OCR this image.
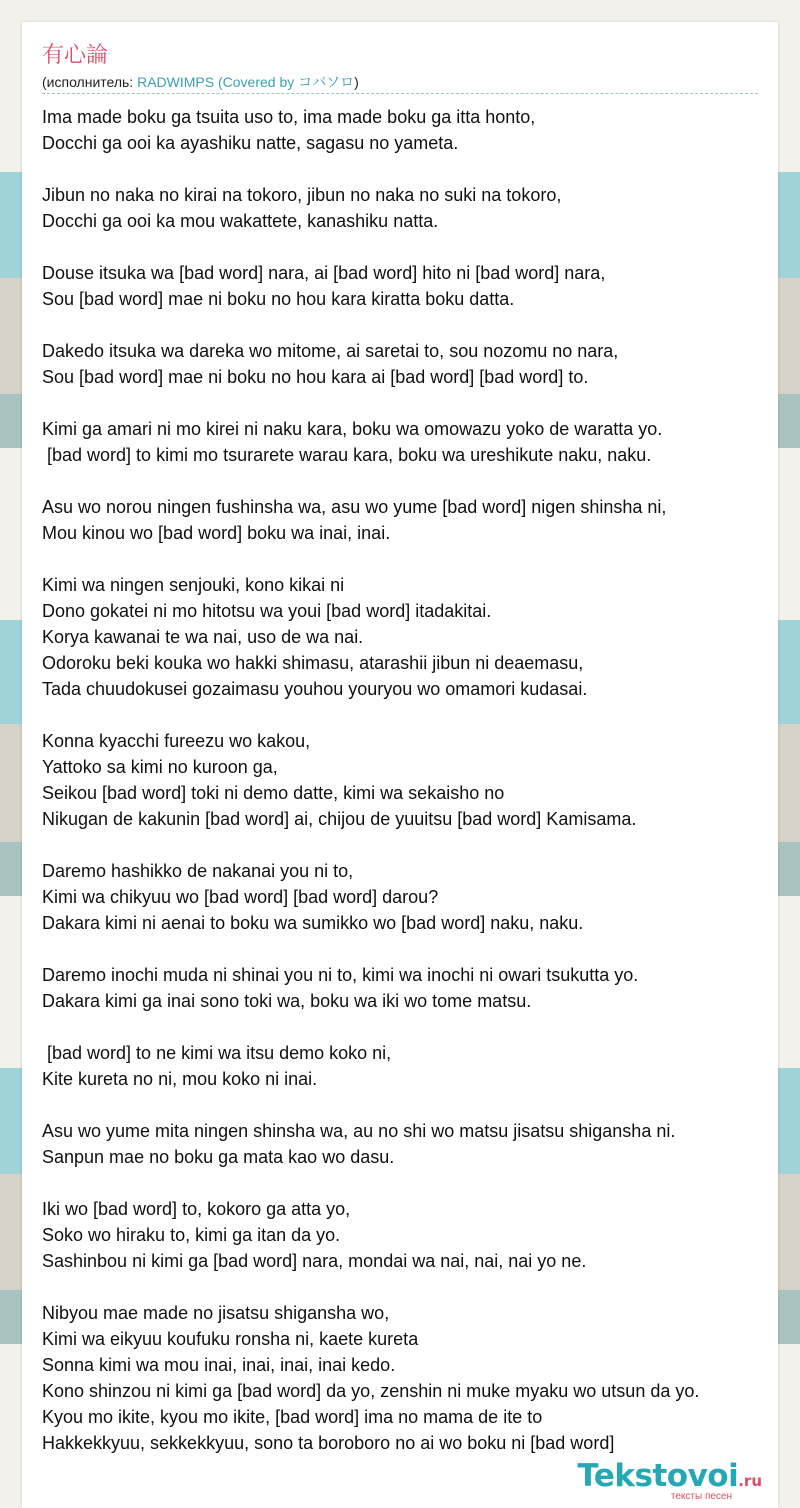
有心論
(исполнитель: RADWIMPS (Covered by コバソロ)
Ima made boku ga tsuita uso to, ima made boku ga itta honto,
Docchi ga ooi ka ayashiku natte, sagasu no yameta.
Jibun no naka no kirai na tokoro, jibun no naka no suki na tokoro,
Docchi ga ooi ka mou wakattete, kanashiku natta.
Douse itsuka wa [bad word] nara, ai [bad word] hito ni [bad word] nara,
Sou [bad word] mae ni boku no hou kara kiratta boku datta.
Dakedo itsuka wa dareka wo mitome, ai saretai to, sou nozomu no nara,
Sou [bad word] mae ni boku no hou kara ai [bad word] [bad word] to.
Kimi ga amari ni mo kirei ni naku kara, boku wa omowazu yoko de waratta yo.
[bad word] to kimi mo tsurarete warau kara, boku wa ureshikute naku, naku.
Asu wo norou ningen fushinsha wa, asu wo yume [bad word] nigen shinsha ni,
Mou kinou wo [bad word] boku wa inai, inai.
Kimi wa ningen senjouki, kono kikai ni
Dono gokatei ni mo hitotsu wa youi [bad word] itadakitai.
Korya kawanai te wa nai, uso de wa nai.
Odoroku beki kouka wo hakki shimasu, atarashii jibun ni deaemasu,
Tada chuudokusei gozaimasu youhou youryou wo omamori kudasai.
Konna kyacchi fureezu wo kakou,
Yattoko sa kimi no kuroon ga,
Seikou [bad word] toki ni demo datte, kimi wa sekaisho no
Nikugan de kakunin [bad word] ai, chijou de yuuitsu [bad word] Kamisama.
Daremo hashikko de nakanai you ni to,
Kimi wa chikyuu wo [bad word] [bad word] darou?
Dakara kimi ni aenai to boku wa sumikko wo [bad word] naku, naku.
Daremo inochi muda ni shinai you ni to, kimi wa inochi ni owari tsukutta yo.
Dakara kimi ga inai sono toki wa, boku wa iki wo tome matsu.
[bad word] to ne kimi wa itsu demo koko ni,
Kite kureta no ni, mou koko ni inai.
Asu wo yume mita ningen shinsha wa, au no shi wo matsu jisatsu shigansha ni.
Sanpun mae no boku ga mata kao wo dasu.
Iki wo [bad word] to, kokoro ga atta yo,
Soko wo hiraku to, kimi ga itan da yo.
Sashinbou ni kimi ga [bad word] nara, mondai wa nai, nai, nai yo ne.
Nibyou mae made no jisatsu shigansha wo,
Kimi wa eikyuu koufuku ronsha ni, kaete kureta
Sonna kimi wa mou inai, inai, inai, inai kedo.
Kono shinzou ni kimi ga [bad word] da yo, zenshin ni muke myaku wo utsun da yo.
Kyou mo ikite, kyou mo ikite, [bad word] ima no mama de ite to
Hakkekkyuu, sekkekkyuu, sono ta boroboro no ai wo boku ni [bad word]
Tekstovoi.ru
тексты песен
